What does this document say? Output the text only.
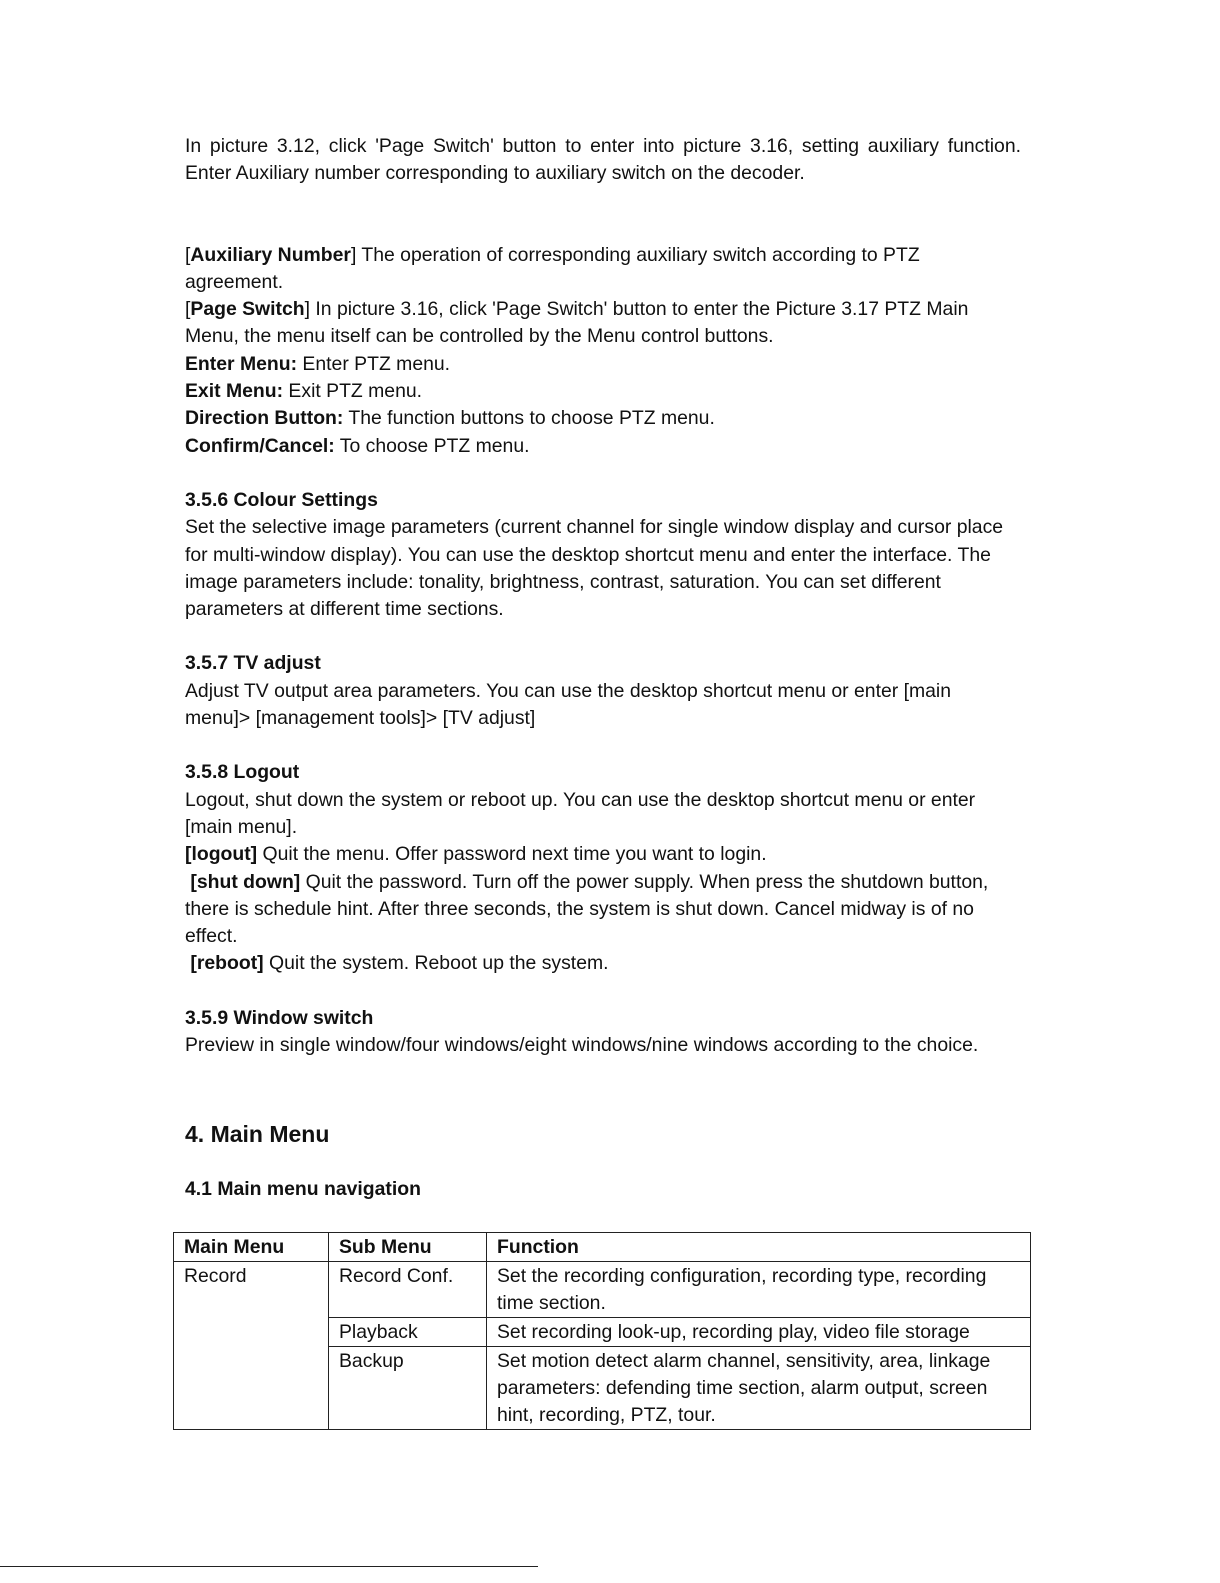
In picture 3.12, click 'Page Switch' button to enter into picture 3.16, setting auxiliary function. Enter Auxiliary number corresponding to auxiliary switch on the decoder.

[Auxiliary Number] The operation of corresponding auxiliary switch according to PTZ agreement.

[Page Switch] In picture 3.16, click 'Page Switch' button to enter the Picture 3.17 PTZ Main Menu, the menu itself can be controlled by the Menu control buttons.

Enter Menu: Enter PTZ menu.

Exit Menu: Exit PTZ menu.

Direction Button: The function buttons to choose PTZ menu.

Confirm/Cancel: To choose PTZ menu.

3.5.6 Colour Settings

Set the selective image parameters (current channel for single window display and cursor place for multi-window display). You can use the desktop shortcut menu and enter the interface. The image parameters include: tonality, brightness, contrast, saturation. You can set different parameters at different time sections.

3.5.7 TV adjust

Adjust TV output area parameters. You can use the desktop shortcut menu or enter [main menu]> [management tools]> [TV adjust]

3.5.8 Logout

Logout, shut down the system or reboot up. You can use the desktop shortcut menu or enter [main menu].

[logout] Quit the menu. Offer password next time you want to login.

[shut down] Quit the password. Turn off the power supply. When press the shutdown button, there is schedule hint. After three seconds, the system is shut down. Cancel midway is of no effect.

[reboot] Quit the system. Reboot up the system.

3.5.9 Window switch

Preview in single window/four windows/eight windows/nine windows according to the choice.

4. Main Menu

4.1 Main menu navigation

Main Menu	Sub Menu	Function
Record	Record Conf.	Set the recording configuration, recording type, recording time section.
	Playback	Set recording look-up, recording play, video file storage
	Backup	Set motion detect alarm channel, sensitivity, area, linkage parameters: defending time section, alarm output, screen hint, recording, PTZ, tour.
